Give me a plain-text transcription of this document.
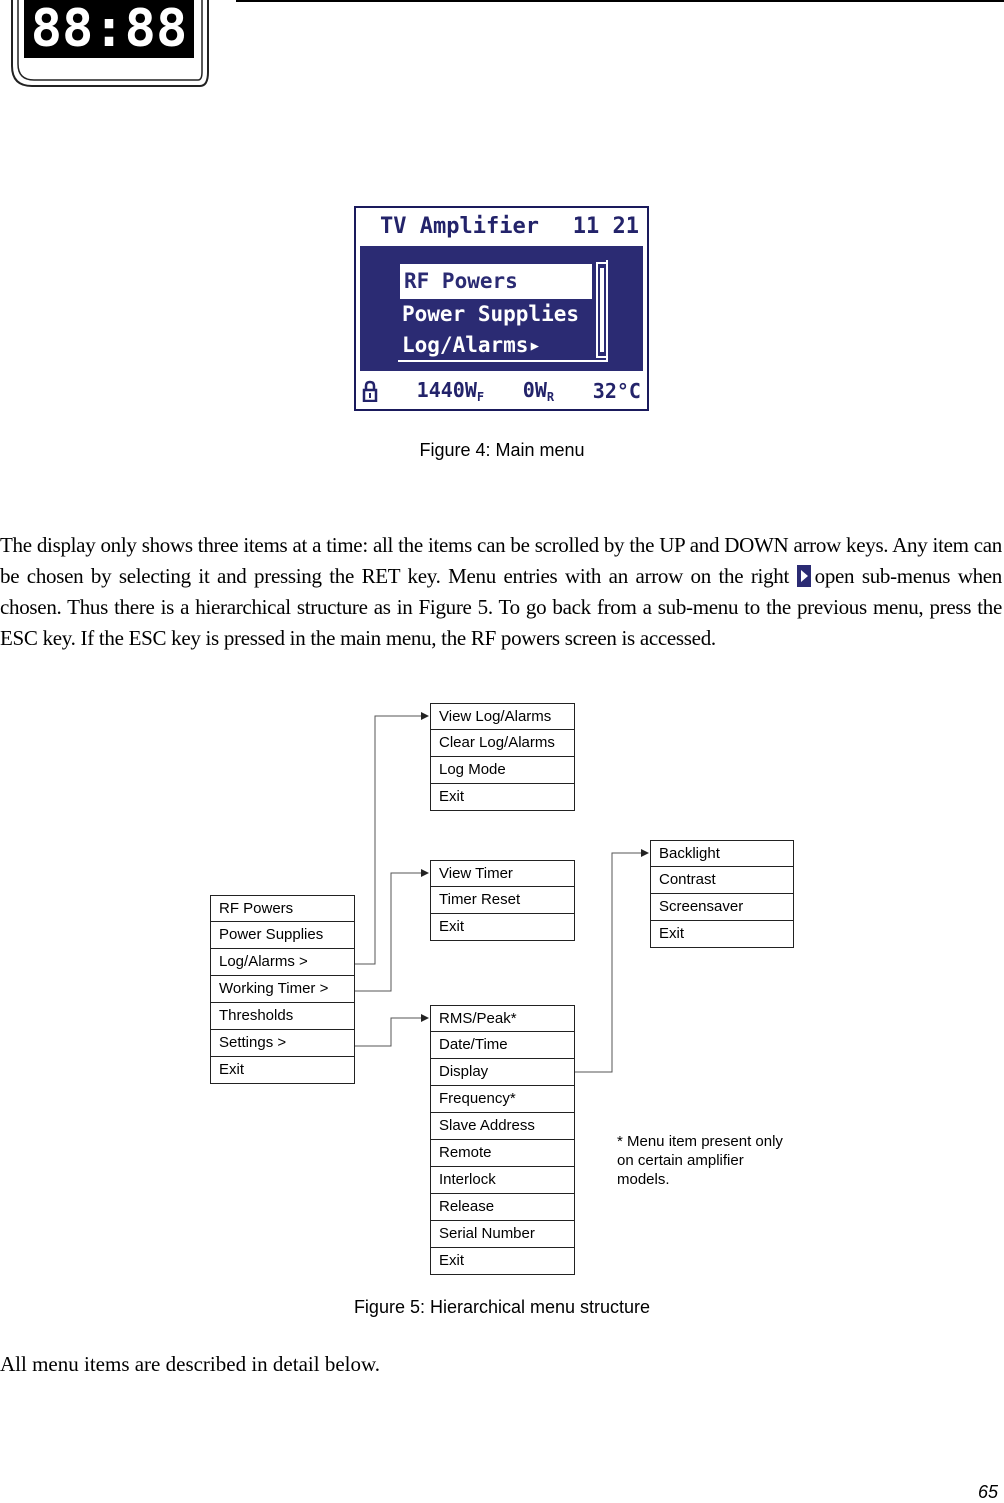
88:88
TV Amplifier 11 21
RF Powers
Power Supplies
Log/Alarms▸
$1440W_F$ $0W_R$ 32°C
Figure 4: Main menu
The display only shows three items at a time: all the items can be scrolled by the UP and DOWN arrow keys. Any item can be chosen by selecting it and pressing the RET key. Menu entries with an arrow on the right open sub-menus when chosen. Thus there is a hierarchical structure as in Figure 5. To go back from a sub-menu to the previous menu, press the ESC key. If the ESC key is pressed in the main menu, the RF powers screen is accessed.
RF Powers
Power Supplies
Log/Alarms >
Working Timer >
Thresholds
Settings >
Exit
View Log/Alarms
Clear Log/Alarms
Log Mode
Exit
View Timer
Timer Reset
Exit
RMS/Peak*
Date/Time
Display
Frequency*
Slave Address
Remote
Interlock
Release
Serial Number
Exit
Backlight
Contrast
Screensaver
Exit
* Menu item present only on certain amplifier models.
Figure 5: Hierarchical menu structure
All menu items are described in detail below.
65
